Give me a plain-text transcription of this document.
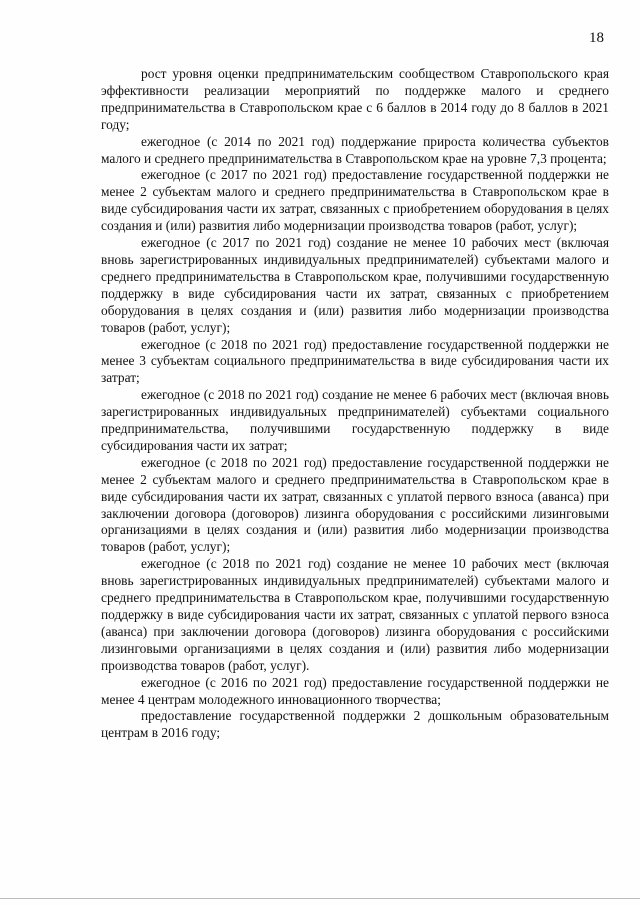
18

рост уровня оценки предпринимательским сообществом Ставропольского края эффективности реализации мероприятий по поддержке малого и среднего предпринимательства в Ставропольском крае с 6 баллов в 2014 году до 8 баллов в 2021 году;

ежегодное (с 2014 по 2021 год) поддержание прироста количества субъектов малого и среднего предпринимательства в Ставропольском крае на уровне 7,3 процента;

ежегодное (с 2017 по 2021 год) предоставление государственной поддержки не менее 2 субъектам малого и среднего предпринимательства в Ставропольском крае в виде субсидирования части их затрат, связанных с приобретением оборудования в целях создания и (или) развития либо модернизации производства товаров (работ, услуг);

ежегодное (с 2017 по 2021 год) создание не менее 10 рабочих мест (включая вновь зарегистрированных индивидуальных предпринимателей) субъектами малого и среднего предпринимательства в Ставропольском крае, получившими государственную поддержку в виде субсидирования части их затрат, связанных с приобретением оборудования в целях создания и (или) развития либо модернизации производства товаров (работ, услуг);

ежегодное (с 2018 по 2021 год) предоставление государственной поддержки не менее 3 субъектам социального предпринимательства в виде субсидирования части их затрат;

ежегодное (с 2018 по 2021 год) создание не менее 6 рабочих мест (включая вновь зарегистрированных индивидуальных предпринимателей) субъектами социального предпринимательства, получившими государственную поддержку в виде субсидирования части их затрат;

ежегодное (с 2018 по 2021 год) предоставление государственной поддержки не менее 2 субъектам малого и среднего предпринимательства в Ставропольском крае в виде субсидирования части их затрат, связанных с уплатой первого взноса (аванса) при заключении договора (договоров) лизинга оборудования с российскими лизинговыми организациями в целях создания и (или) развития либо модернизации производства товаров (работ, услуг);

ежегодное (с 2018 по 2021 год) создание не менее 10 рабочих мест (включая вновь зарегистрированных индивидуальных предпринимателей) субъектами малого и среднего предпринимательства в Ставропольском крае, получившими государственную поддержку в виде субсидирования части их затрат, связанных с уплатой первого взноса (аванса) при заключении договора (договоров) лизинга оборудования с российскими лизинговыми организациями в целях создания и (или) развития либо модернизации производства товаров (работ, услуг).

ежегодное (с 2016 по 2021 год) предоставление государственной поддержки не менее 4 центрам молодежного инновационного творчества;

предоставление государственной поддержки 2 дошкольным образовательным центрам в 2016 году;
